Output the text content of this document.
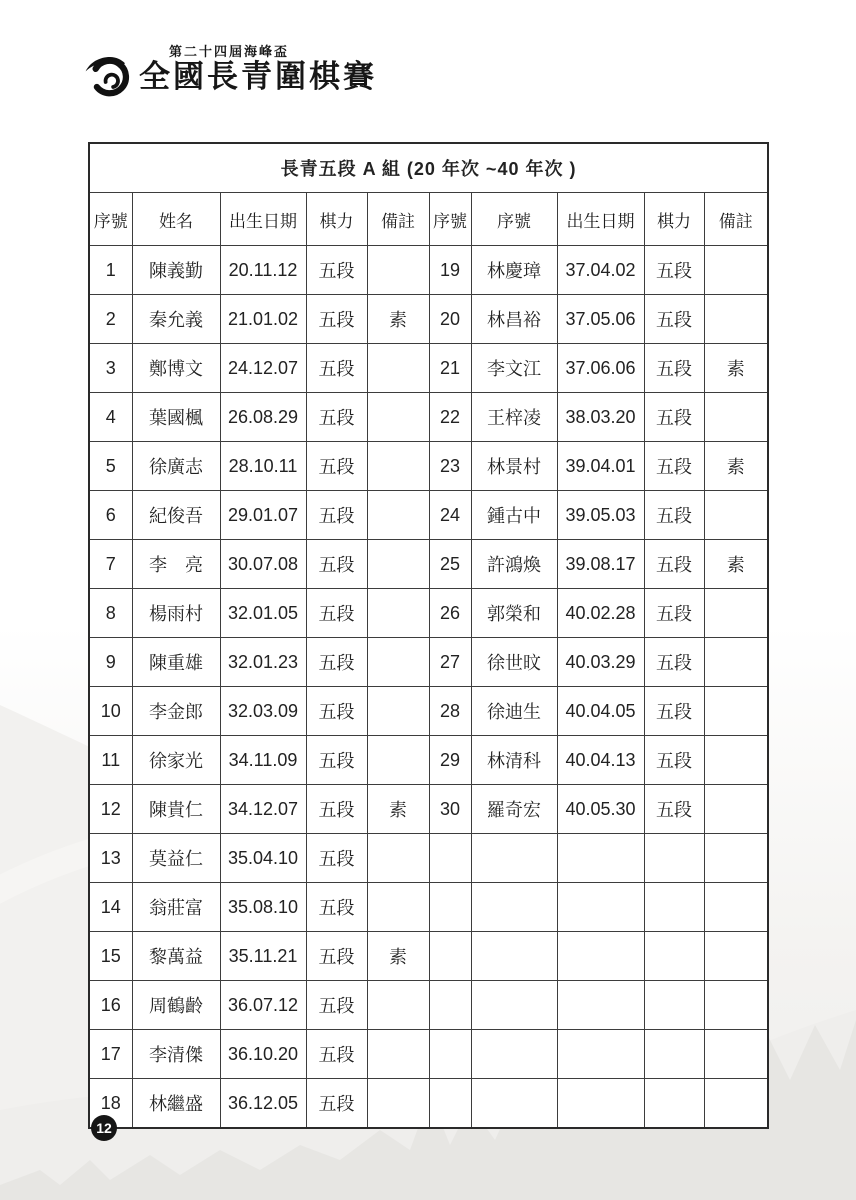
第二十四屆海峰盃
全國長青圍棋賽
長青五段 A 組 (20 年次 ~40 年次 )									
序號	姓名	出生日期	棋力	備註	序號	序號	出生日期	棋力	備註
1	陳義勤	20.11.12	五段		19	林慶璋	37.04.02	五段	
2	秦允義	21.01.02	五段	素	20	林昌裕	37.05.06	五段	
3	鄭博文	24.12.07	五段		21	李文江	37.06.06	五段	素
4	葉國楓	26.08.29	五段		22	王梓凌	38.03.20	五段	
5	徐廣志	28.10.11	五段		23	林景村	39.04.01	五段	素
6	紀俊吾	29.01.07	五段		24	鍾古中	39.05.03	五段	
7	李　亮	30.07.08	五段		25	許鴻煥	39.08.17	五段	素
8	楊雨村	32.01.05	五段		26	郭榮和	40.02.28	五段	
9	陳重雄	32.01.23	五段		27	徐世旼	40.03.29	五段	
10	李金郎	32.03.09	五段		28	徐迪生	40.04.05	五段	
11	徐家光	34.11.09	五段		29	林清科	40.04.13	五段	
12	陳貴仁	34.12.07	五段	素	30	羅奇宏	40.05.30	五段	
13	莫益仁	35.04.10	五段						
14	翁莊富	35.08.10	五段						
15	黎萬益	35.11.21	五段	素					
16	周鶴齡	36.07.12	五段						
17	李清傑	36.10.20	五段						
18	林繼盛	36.12.05	五段						
12
